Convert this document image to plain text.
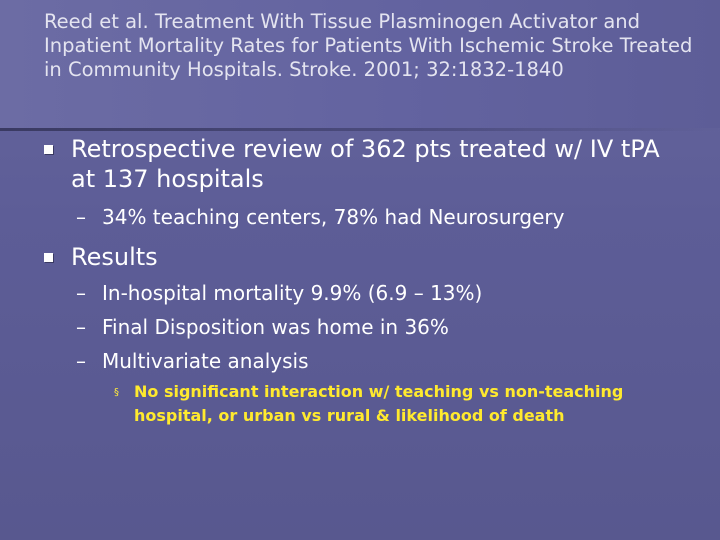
Reed et al. Treatment With Tissue Plasminogen Activator and Inpatient Mortality Rates for Patients With Ischemic Stroke Treated in Community Hospitals. Stroke. 2001; 32:1832-1840
Retrospective review of 362 pts treated w/ IV tPA at 137 hospitals
– 34% teaching centers, 78% had Neurosurgery
Results
– In-hospital mortality 9.9% (6.9 – 13%)
– Final Disposition was home in 36%
– Multivariate analysis
§ No significant interaction w/ teaching vs non-teaching hospital, or urban vs rural & likelihood of death
